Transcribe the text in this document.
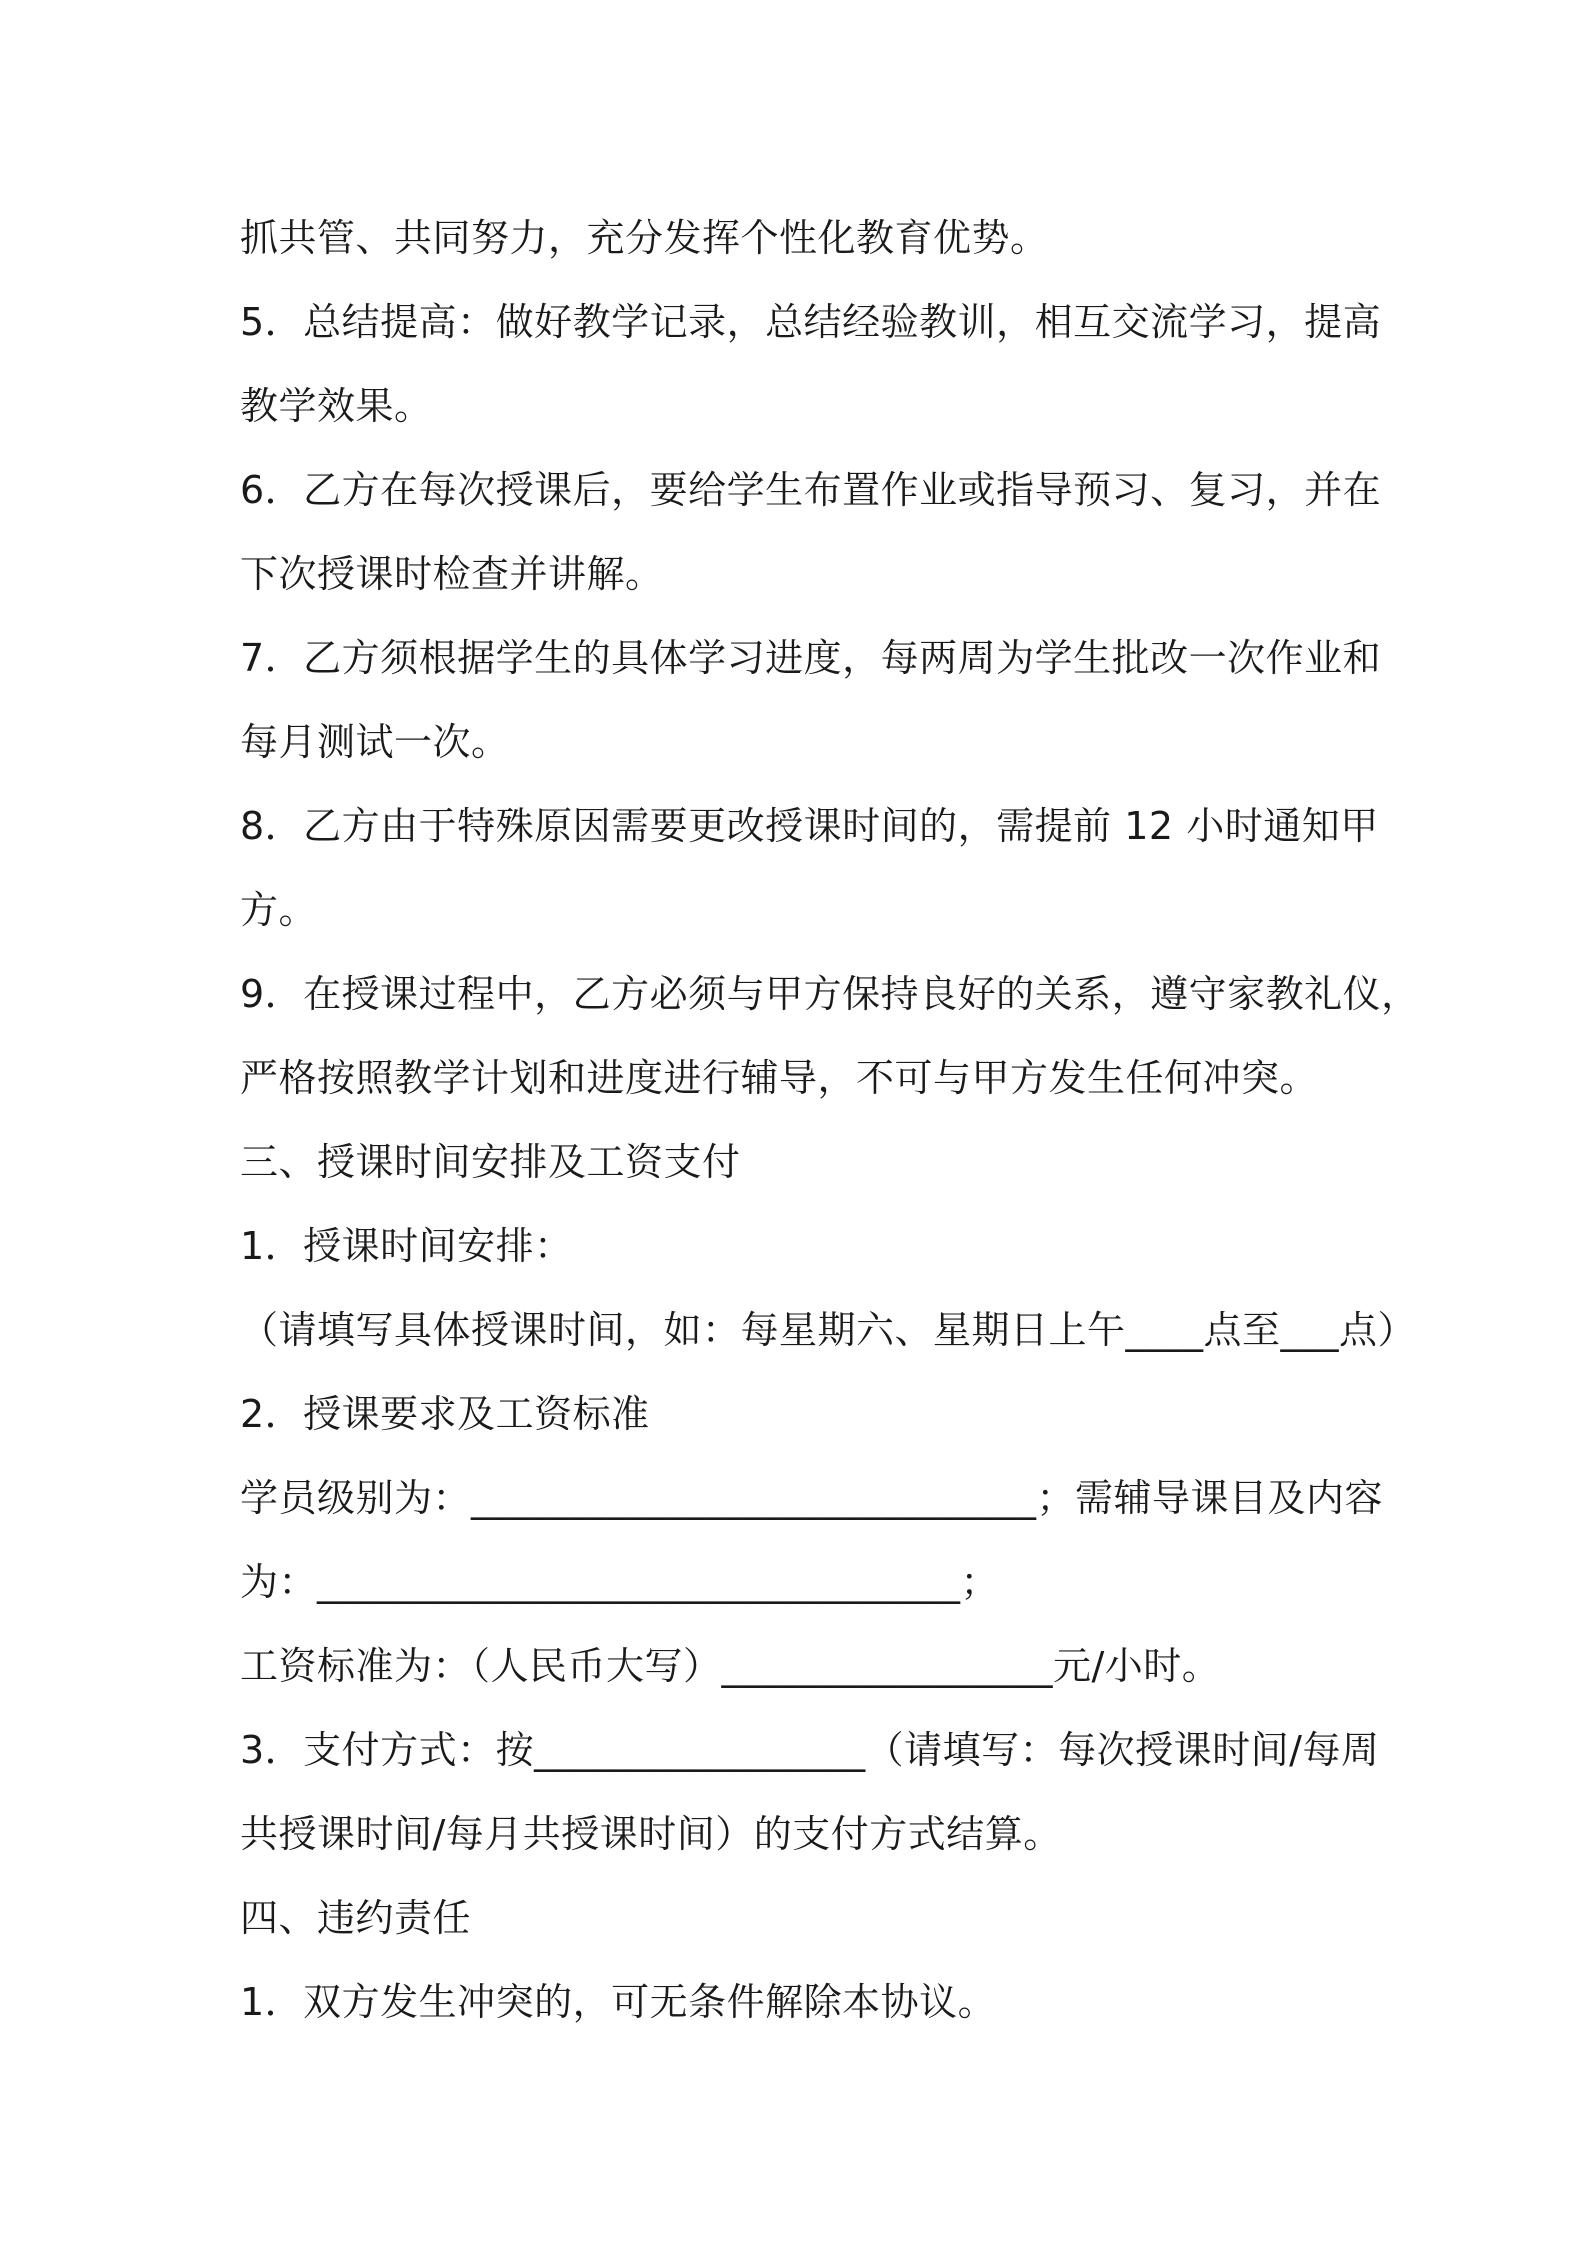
抓共管、共同努力，充分发挥个性化教育优势。
5．总结提高：做好教学记录，总结经验教训，相互交流学习，提高
教学效果。
6．乙方在每次授课后，要给学生布置作业或指导预习、复习，并在
下次授课时检查并讲解。
7．乙方须根据学生的具体学习进度，每两周为学生批改一次作业和
每月测试一次。
8．乙方由于特殊原因需要更改授课时间的，需提前 12 小时通知甲
方。
9．在授课过程中，乙方必须与甲方保持良好的关系，遵守家教礼仪，
严格按照教学计划和进度进行辅导，不可与甲方发生任何冲突。
三、授课时间安排及工资支付
1．授课时间安排：
（请填写具体授课时间，如：每星期六、星期日上午____点至___点）
2．授课要求及工资标准
学员级别为：_____________________________；需辅导课目及内容
为：_________________________________；
工资标准为：（人民币大写）_________________元/小时。
3．支付方式：按_________________（请填写：每次授课时间/每周
共授课时间/每月共授课时间）的支付方式结算。
四、违约责任
1．双方发生冲突的，可无条件解除本协议。
